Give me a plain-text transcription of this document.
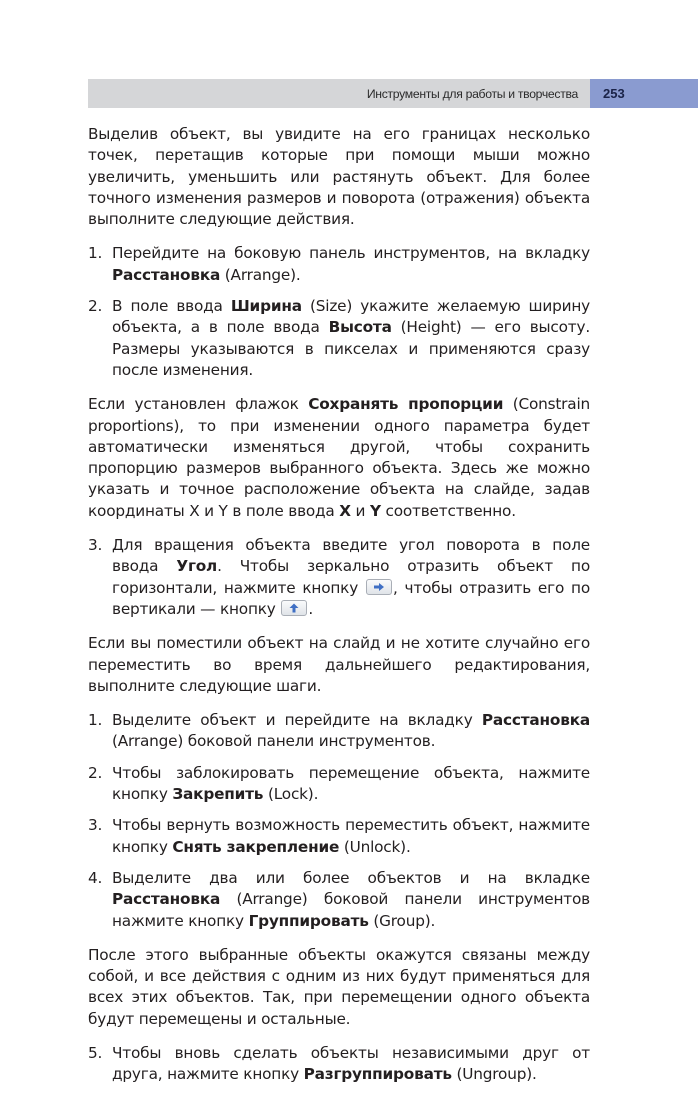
Инструменты для работы и творчества 253

Выделив объект, вы увидите на его границах несколько точек, перетащив которые при помощи мыши можно увеличить, уменьшить или растянуть объект. Для более точного изменения размеров и поворота (отражения) объекта выполните следующие действия.

1. Перейдите на боковую панель инструментов, на вкладку Расстановка (Arrange).
2. В поле ввода Ширина (Size) укажите желаемую ширину объекта, а в поле ввода Высота (Height) — его высоту. Размеры указываются в пикселах и применяются сразу после изменения.

Если установлен флажок Сохранять пропорции (Constrain proportions), то при изменении одного параметра будет автоматически изменяться другой, чтобы сохранить пропорцию размеров выбранного объекта. Здесь же можно указать и точное расположение объекта на слайде, задав координаты X и Y в поле ввода X и Y соответственно.

3. Для вращения объекта введите угол поворота в поле ввода Угол. Чтобы зеркально отразить объект по горизонтали, нажмите кнопку
, чтобы отразить его по вертикали — кнопку
.

Если вы поместили объект на слайд и не хотите случайно его переместить во время дальнейшего редактирования, выполните следующие шаги.

1. Выделите объект и перейдите на вкладку Расстановка (Arrange) боковой панели инструментов.
2. Чтобы заблокировать перемещение объекта, нажмите кнопку Закрепить (Lock).
3. Чтобы вернуть возможность переместить объект, нажмите кнопку Снять закрепление (Unlock).
4. Выделите два или более объектов и на вкладке Расстановка (Arrange) боковой панели инструментов нажмите кнопку Группировать (Group).

После этого выбранные объекты окажутся связаны между собой, и все действия с одним из них будут применяться для всех этих объектов. Так, при перемещении одного объекта будут перемещены и остальные.

5. Чтобы вновь сделать объекты независимыми друг от друга, нажмите кнопку Разгруппировать (Ungroup).
